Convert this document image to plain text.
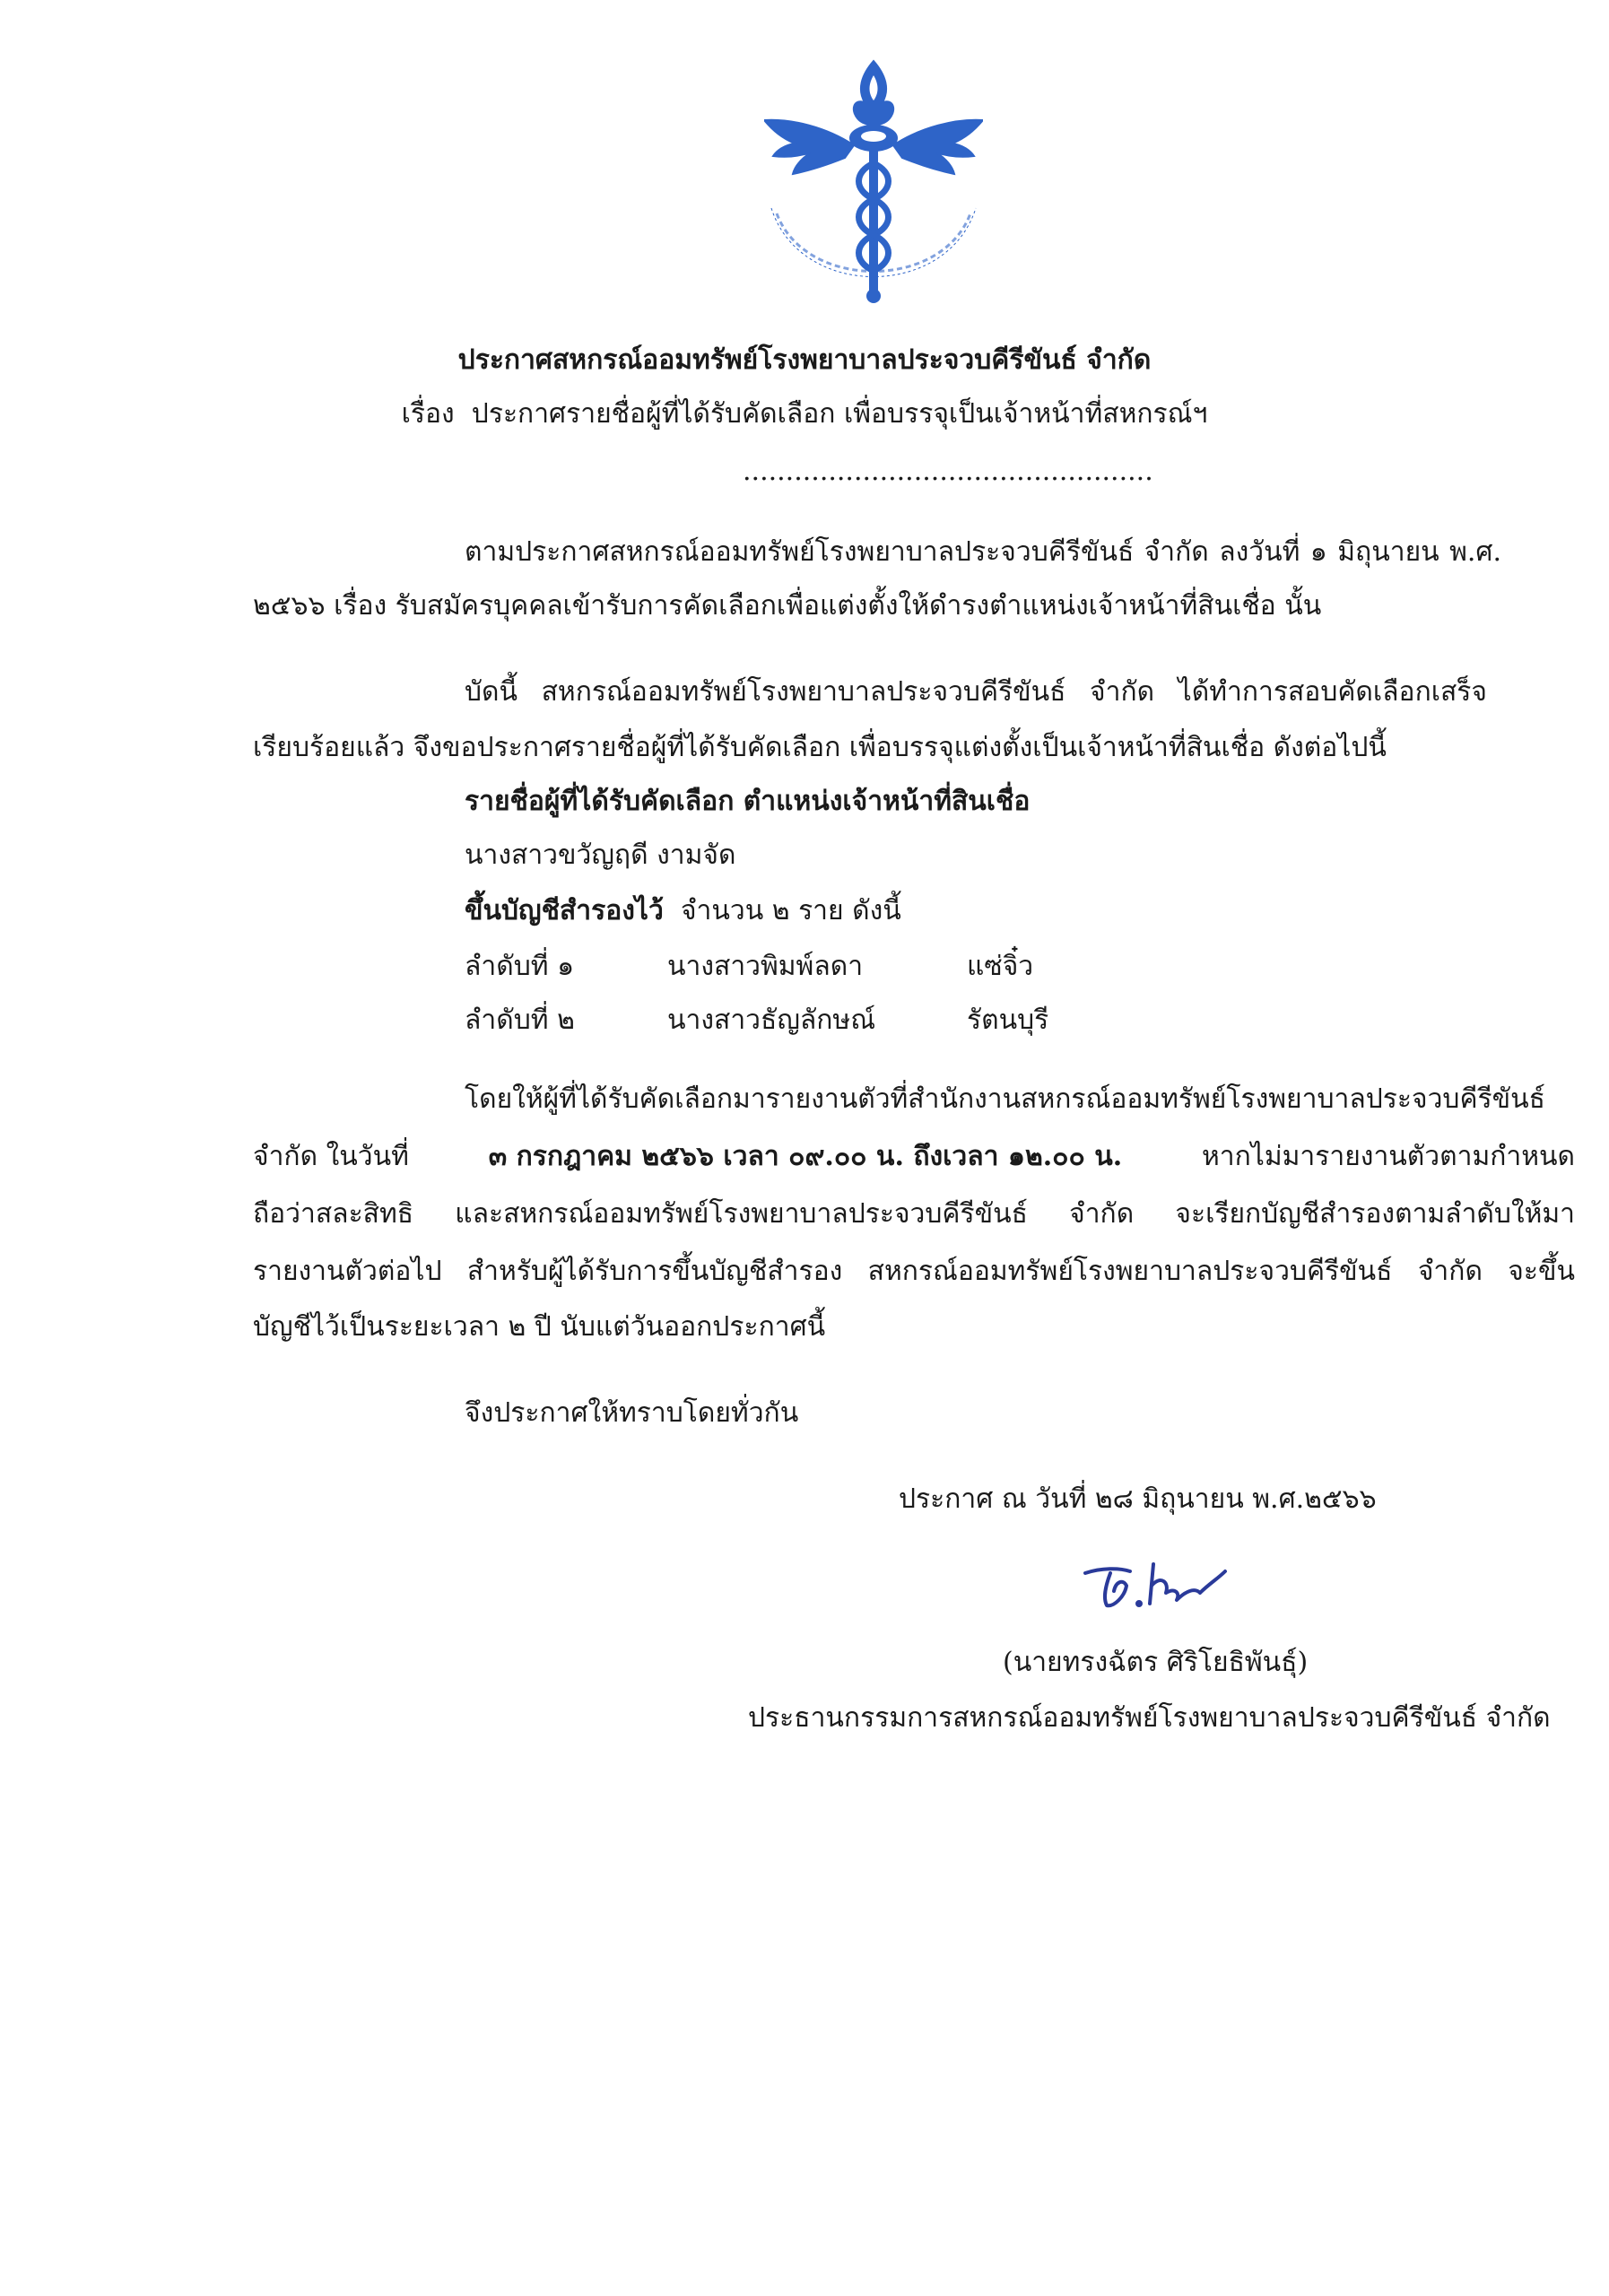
ประกาศสหกรณ์ออมทรัพย์โรงพยาบาลประจวบคีรีขันธ์ จำกัด
เรื่อง ประกาศรายชื่อผู้ที่ได้รับคัดเลือก เพื่อบรรจุเป็นเจ้าหน้าที่สหกรณ์ฯ
................................................
ตามประกาศสหกรณ์ออมทรัพย์โรงพยาบาลประจวบคีรีขันธ์ จำกัด ลงวันที่ ๑ มิถุนายน พ.ศ.
๒๕๖๖ เรื่อง รับสมัครบุคคลเข้ารับการคัดเลือกเพื่อแต่งตั้งให้ดำรงตำแหน่งเจ้าหน้าที่สินเชื่อ นั้น
บัดนี้ สหกรณ์ออมทรัพย์โรงพยาบาลประจวบคีรีขันธ์ จำกัด ได้ทำการสอบคัดเลือกเสร็จ
เรียบร้อยแล้ว จึงขอประกาศรายชื่อผู้ที่ได้รับคัดเลือก เพื่อบรรจุแต่งตั้งเป็นเจ้าหน้าที่สินเชื่อ ดังต่อไปนี้
รายชื่อผู้ที่ได้รับคัดเลือก ตำแหน่งเจ้าหน้าที่สินเชื่อ
นางสาวขวัญฤดี งามจัด
ขึ้นบัญชีสำรองไว้ จำนวน ๒ ราย ดังนี้
ลำดับที่ ๑	นางสาวพิมพ์ลดา	แซ่จิ๋ว
ลำดับที่ ๒	นางสาวธัญลักษณ์	รัตนบุรี
โดยให้ผู้ที่ได้รับคัดเลือกมารายงานตัวที่สำนักงานสหกรณ์ออมทรัพย์โรงพยาบาลประจวบคีรีขันธ์
จำกัด ในวันที่	๓ กรกฎาคม ๒๕๖๖ เวลา ๐๙.๐๐ น. ถึงเวลา ๑๒.๐๐ น.	หากไม่มารายงานตัวตามกำหนด
ถือว่าสละสิทธิ และสหกรณ์ออมทรัพย์โรงพยาบาลประจวบคีรีขันธ์ จำกัด จะเรียกบัญชีสำรองตามลำดับให้มา
รายงานตัวต่อไป สำหรับผู้ได้รับการขึ้นบัญชีสำรอง สหกรณ์ออมทรัพย์โรงพยาบาลประจวบคีรีขันธ์ จำกัด จะขึ้น
บัญชีไว้เป็นระยะเวลา ๒ ปี นับแต่วันออกประกาศนี้
จึงประกาศให้ทราบโดยทั่วกัน
ประกาศ ณ วันที่ ๒๘ มิถุนายน พ.ศ.๒๕๖๖
(นายทรงฉัตร ศิริโยธิพันธุ์)
ประธานกรรมการสหกรณ์ออมทรัพย์โรงพยาบาลประจวบคีรีขันธ์ จำกัด
